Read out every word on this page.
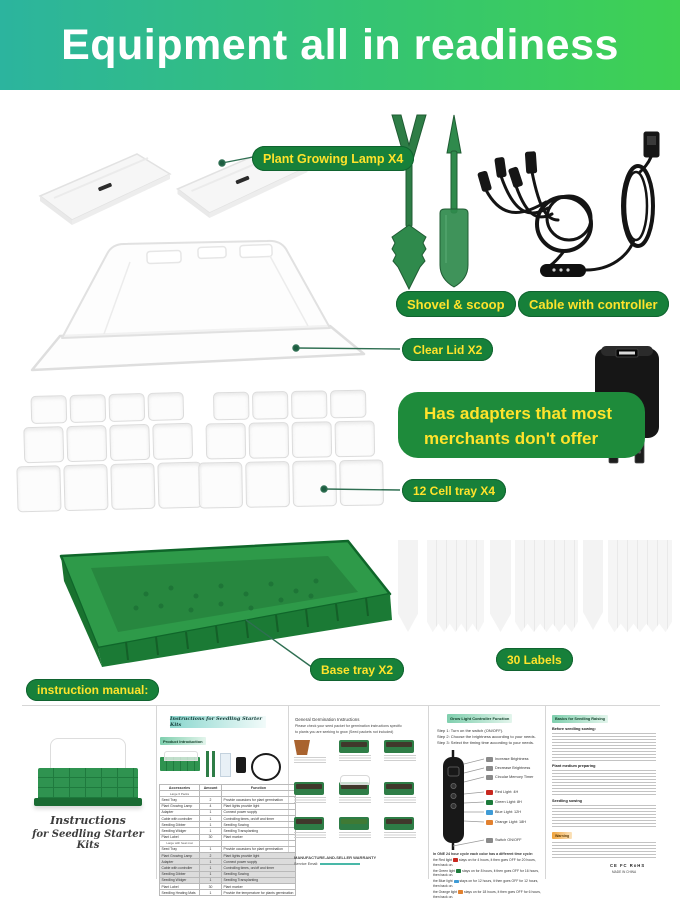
Equipment all in readiness
Plant Growing Lamp X4
Shovel & scoop Cable with controller
Clear Lid X2
12 Cell tray X4
Base tray X2
30 Labels
instruction manual:
Has adapters that most
merchants don't offer
Instructions
for Seedling Starter Kits
Instructions for Seedling Starter Kits
Product Introduction
Accessories	Amount	Function
Large 6 Packs		
Seed Tray	2	Provide occasions for plant germination
Plant Growing Lamp	4	Plant lights provide light
Adapter	1	Connect power supply
Cable with controller	1	Controlling times, on/off and timer
Seedling Dibber	1	Seedling Sowing
Seedling Widger	1	Seedling Transplanting
Plant Label	30	Plant marker
Large with heat mat		
Seed Tray	1	Provide occasions for plant germination
Plant Growing Lamp	2	Plant lights provide light
Adapter	1	Connect power supply
Cable with controller	1	Controlling times, on/off and timer
Seedling Dibber	1	Seedling Sowing
Seedling Widger	1	Seedling Transplanting
Plant Label	30	Plant marker
Seedling Heating Mats	1	Provide the temperature for plants germination
General Germination Instructions
Please check your seed packet for germination instructions specific
to plants you are seeking to grow (Seed packets not included)
MANUFACTURE-AND-SELLER WARRANTY
Service Email:
Grow Light Controller Function
Step 1: Turn on the switch (ON/OFF).
Step 2: Choose the brightness according to your needs.
Step 3: Select the timing time according to your needs.
Switch ON/OFF
In ONE 24 hour cycle each color has a different time cycle:
the Red light  stays on for 4 hours, it then goes OFF for 20 hours, then back on.
the Green light  stays on for 8 hours, it then goes OFF for 16 hours, then back on.
the Blue light  stays on for 12 hours, it then goes OFF for 12 hours, then back on.
the Orange light  stays on for 18 hours, it then goes OFF for 6 hours, then back on.
Basics for Seedling Raising
Before seedling sowing:
Plant medium preparing
Seedling sowing
Warning
CE FC RoHS
MADE IN CHINA
Increase Brightness
Decrease Brightness
Circular Memory Timer
Red Light: 4H
Green Light: 8H
Blue Light: 12H
Orange Light: 18H
